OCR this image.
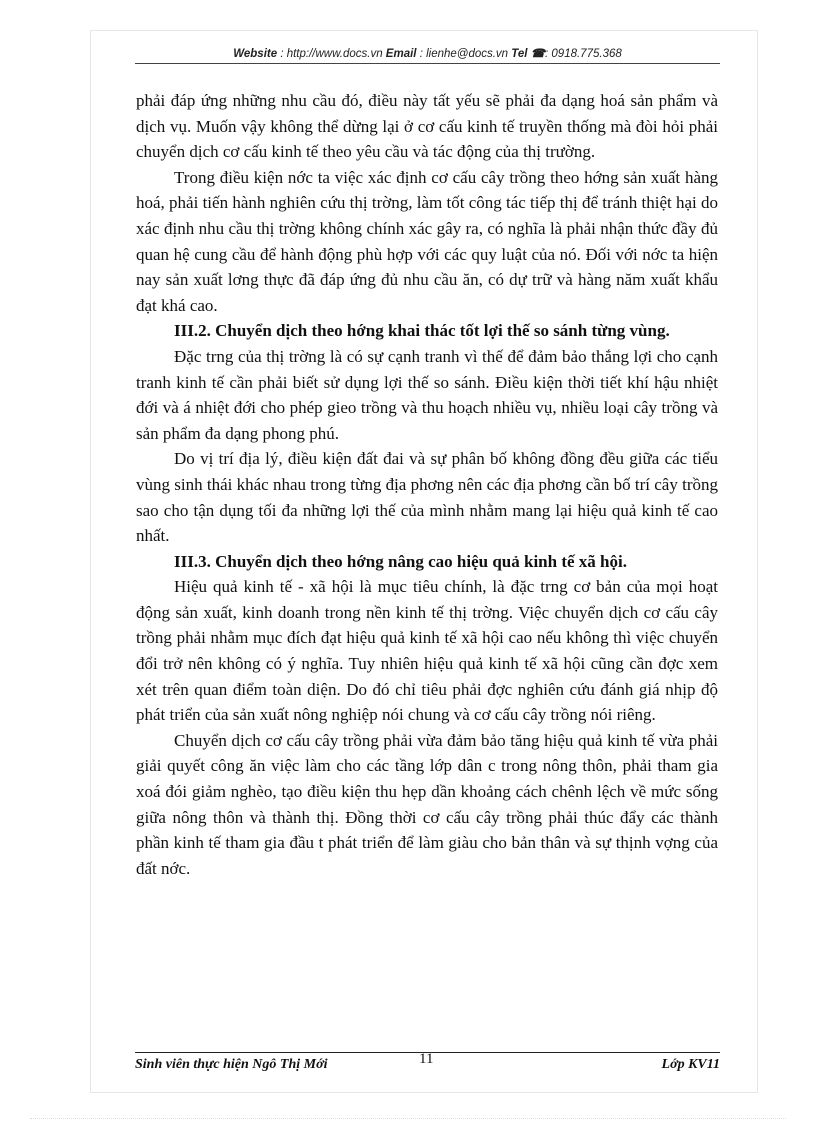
Website : http://www.docs.vn Email : lienhe@docs.vn Tel ☎: 0918.775.368

phải đáp ứng những nhu cầu đó, điều này tất yếu sẽ phải đa dạng hoá sản phẩm và dịch vụ. Muốn vậy không thể dừng lại ở cơ cấu kinh tế truyền thống mà đòi hỏi phải chuyển dịch cơ cấu kinh tế theo yêu cầu và tác động của thị trường.

Trong điều kiện nớc ta việc xác định cơ cấu cây trồng theo hớng sản xuất hàng hoá, phải tiến hành nghiên cứu thị trờng, làm tốt công tác tiếp thị để tránh thiệt hại do xác định nhu cầu thị trờng không chính xác gây ra, có nghĩa là phải nhận thức đầy đủ quan hệ cung cầu để hành động phù hợp với các quy luật của nó. Đối với nớc ta hiện nay sản xuất lơng thực đã đáp ứng đủ nhu cầu ăn, có dự trữ và hàng năm xuất khẩu đạt khá cao.

III.2. Chuyển dịch theo hớng khai thác tốt lợi thế so sánh từng vùng.

Đặc trng của thị trờng là có sự cạnh tranh vì thế để đảm bảo thắng lợi cho cạnh tranh kinh tế cần phải biết sử dụng lợi thế so sánh. Điều kiện thời tiết khí hậu nhiệt đới và á nhiệt đới cho phép gieo trồng và thu hoạch nhiều vụ, nhiều loại cây trồng và sản phẩm đa dạng phong phú.

Do vị trí địa lý, điều kiện đất đai và sự phân bố không đồng đều giữa các tiểu vùng sinh thái khác nhau trong từng địa phơng nên các địa phơng cần bố trí cây trồng sao cho tận dụng tối đa những lợi thế của mình nhằm mang lại hiệu quả kinh tế cao nhất.

III.3. Chuyển dịch theo hớng nâng cao hiệu quả kinh tế xã hội.

Hiệu quả kinh tế - xã hội là mục tiêu chính, là đặc trng cơ bản của mọi hoạt động sản xuất, kinh doanh trong nền kinh tế thị trờng. Việc chuyển dịch cơ cấu cây trồng phải nhằm mục đích đạt hiệu quả kinh tế xã hội cao nếu không thì việc chuyển đổi trở nên không có ý nghĩa. Tuy nhiên hiệu quả kinh tế xã hội cũng cần đợc xem xét trên quan điểm toàn diện. Do đó chỉ tiêu phải đợc nghiên cứu đánh giá nhịp độ phát triển của sản xuất nông nghiệp nói chung và cơ cấu cây trồng nói riêng.

Chuyển dịch cơ cấu cây trồng phải vừa đảm bảo tăng hiệu quả kinh tế vừa phải giải quyết công ăn việc làm cho các tầng lớp dân c trong nông thôn, phải tham gia xoá đói giảm nghèo, tạo điều kiện thu hẹp dần khoảng cách chênh lệch về mức sống giữa nông thôn và thành thị. Đồng thời cơ cấu cây trồng phải thúc đẩy các thành phần kinh tế tham gia đầu t phát triển để làm giàu cho bản thân và sự thịnh vợng của đất nớc.

Sinh viên thực hiện Ngô Thị Mới	11	Lớp KV11
